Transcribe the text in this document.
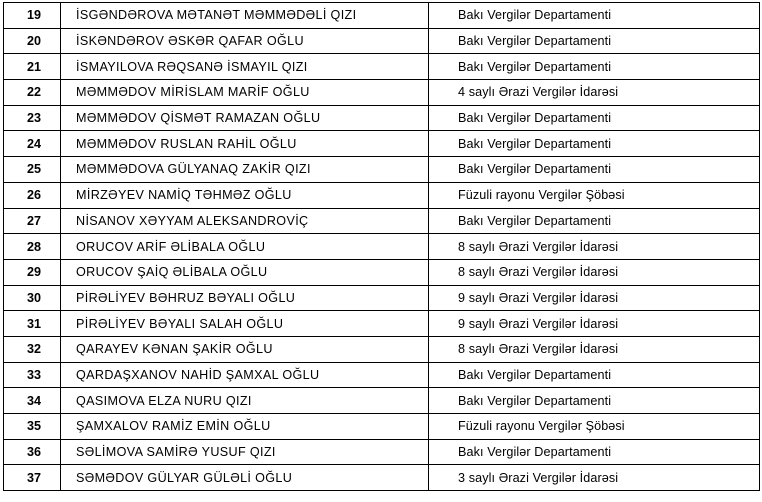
19	İSGƏNDƏROVA MƏTANƏT MƏMMƏDƏLİ QIZI	Bakı Vergilər Departamenti
20	İSKƏNDƏROV ƏSKƏR QAFAR OĞLU	Bakı Vergilər Departamenti
21	İSMAYILOVA RƏQSANƏ İSMAYIL QIZI	Bakı Vergilər Departamenti
22	MƏMMƏDOV MİRİSLAM MARİF OĞLU	4 saylı Ərazi Vergilər İdarəsi
23	MƏMMƏDOV QİSMƏT RAMAZAN OĞLU	Bakı Vergilər Departamenti
24	MƏMMƏDOV RUSLAN RAHİL OĞLU	Bakı Vergilər Departamenti
25	MƏMMƏDOVA GÜLYANAQ ZAKİR QIZI	Bakı Vergilər Departamenti
26	MİRZƏYEV NAMİQ TƏHMƏZ OĞLU	Füzuli rayonu Vergilər Şöbəsi
27	NİSANOV XƏYYAM ALEKSANDROVİÇ	Bakı Vergilər Departamenti
28	ORUCOV ARİF ƏLİBALA OĞLU	8 saylı Ərazi Vergilər İdarəsi
29	ORUCOV ŞAİQ ƏLİBALA OĞLU	8 saylı Ərazi Vergilər İdarəsi
30	PİRƏLİYEV BƏHRUZ BƏYALI OĞLU	9 saylı Ərazi Vergilər İdarəsi
31	PİRƏLİYEV BƏYALI SALAH OĞLU	9 saylı Ərazi Vergilər İdarəsi
32	QARAYEV KƏNAN ŞAKİR OĞLU	8 saylı Ərazi Vergilər İdarəsi
33	QARDAŞXANOV NAHİD ŞAMXAL OĞLU	Bakı Vergilər Departamenti
34	QASIMOVA ELZA NURU QIZI	Bakı Vergilər Departamenti
35	ŞAMXALOV RAMİZ EMİN OĞLU	Füzuli rayonu Vergilər Şöbəsi
36	SƏLİMOVA SAMİRƏ YUSUF QIZI	Bakı Vergilər Departamenti
37	SƏMƏDOV GÜLYAR GÜLƏLİ OĞLU	3 saylı Ərazi Vergilər İdarəsi
